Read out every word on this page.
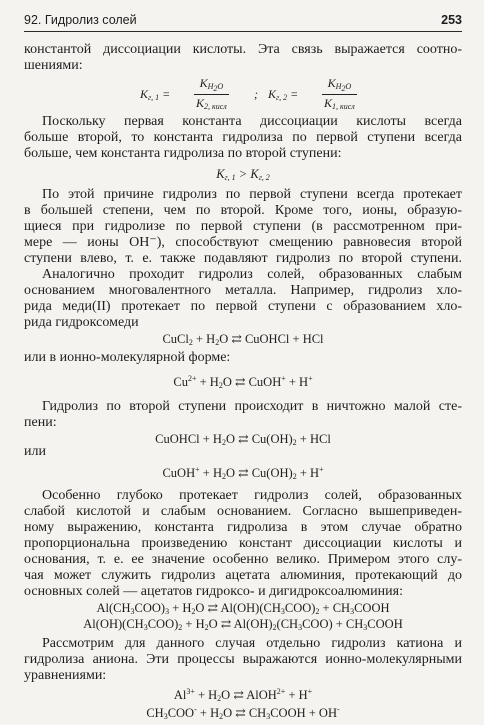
92. Гидролиз солей	253
константой диссоциации кислоты. Эта связь выражается соотно-
шениями:
$K_{г, 1}$ =
$K_{H_2O}$
$K_{2, кисл}$
; $K_{г, 2}$ =
$K_{H_2O}$
$K_{1, кисл}$
Поскольку первая константа диссоциации кислоты всегда
больше второй, то константа гидролиза по первой ступени всегда
больше, чем константа гидролиза по второй ступени:
$K_{г, 1} > K_{г, 2}$
По этой причине гидролиз по первой ступени всегда протекает
в большей степени, чем по второй. Кроме того, ионы, образую-
щиеся при гидролизе по первой ступени (в рассмотренном при-
мере — ионы OH⁻), способствуют смещению равновесия второй
ступени влево, т. е. также подавляют гидролиз по второй ступени.
Аналогично проходит гидролиз солей, образованных слабым
основанием многовалентного металла. Например, гидролиз хло-
рида меди(II) протекает по первой ступени с образованием хло-
рида гидроксомеди
CuCl$_2$ + $H_2O$ ⇄ CuOHCl + HCl
или в ионно-молекулярной форме:
$Cu^{2+} + H_2O$ ⇄ CuOH+ + H+
Гидролиз по второй ступени происходит в ничтожно малой сте-
пени:
CuOHCl + $H_2O$ ⇄ $Cu(OH)_2$ + HCl
или
CuOH+ + $H_2O$ ⇄ $Cu(OH)_2 + H^+$
Особенно глубоко протекает гидролиз солей, образованных
слабой кислотой и слабым основанием. Согласно вышеприведен-
ному выражению, константа гидролиза в этом случае обратно
пропорциональна произведению констант диссоциации кислоты и
основания, т. е. ее значение особенно велико. Примером этого слу-
чая может служить гидролиз ацетата алюминия, протекающий до
основных солей — ацетатов гидроксо- и дигидроксоалюминия:
$Al(CH_3COO)_3 + H_2O$ ⇄ $Al(OH)(CH_3COO)_2$ + $CH_3COOH$
$Al(OH)(CH_3COO)_2 + H_2O$ ⇄ $Al(OH)_2(CH_3COO)$ + $CH_3COOH$
Рассмотрим для данного случая отдельно гидролиз катиона и
гидролиза аниона. Эти процессы выражаются ионно-молекулярными
уравнениями:
$Al^{3+} + H_2O$ ⇄ AlOH$^{2+}$ + H+
$CH_3COO^- + H_2O$ ⇄ $CH_3COOH + OH^-$
